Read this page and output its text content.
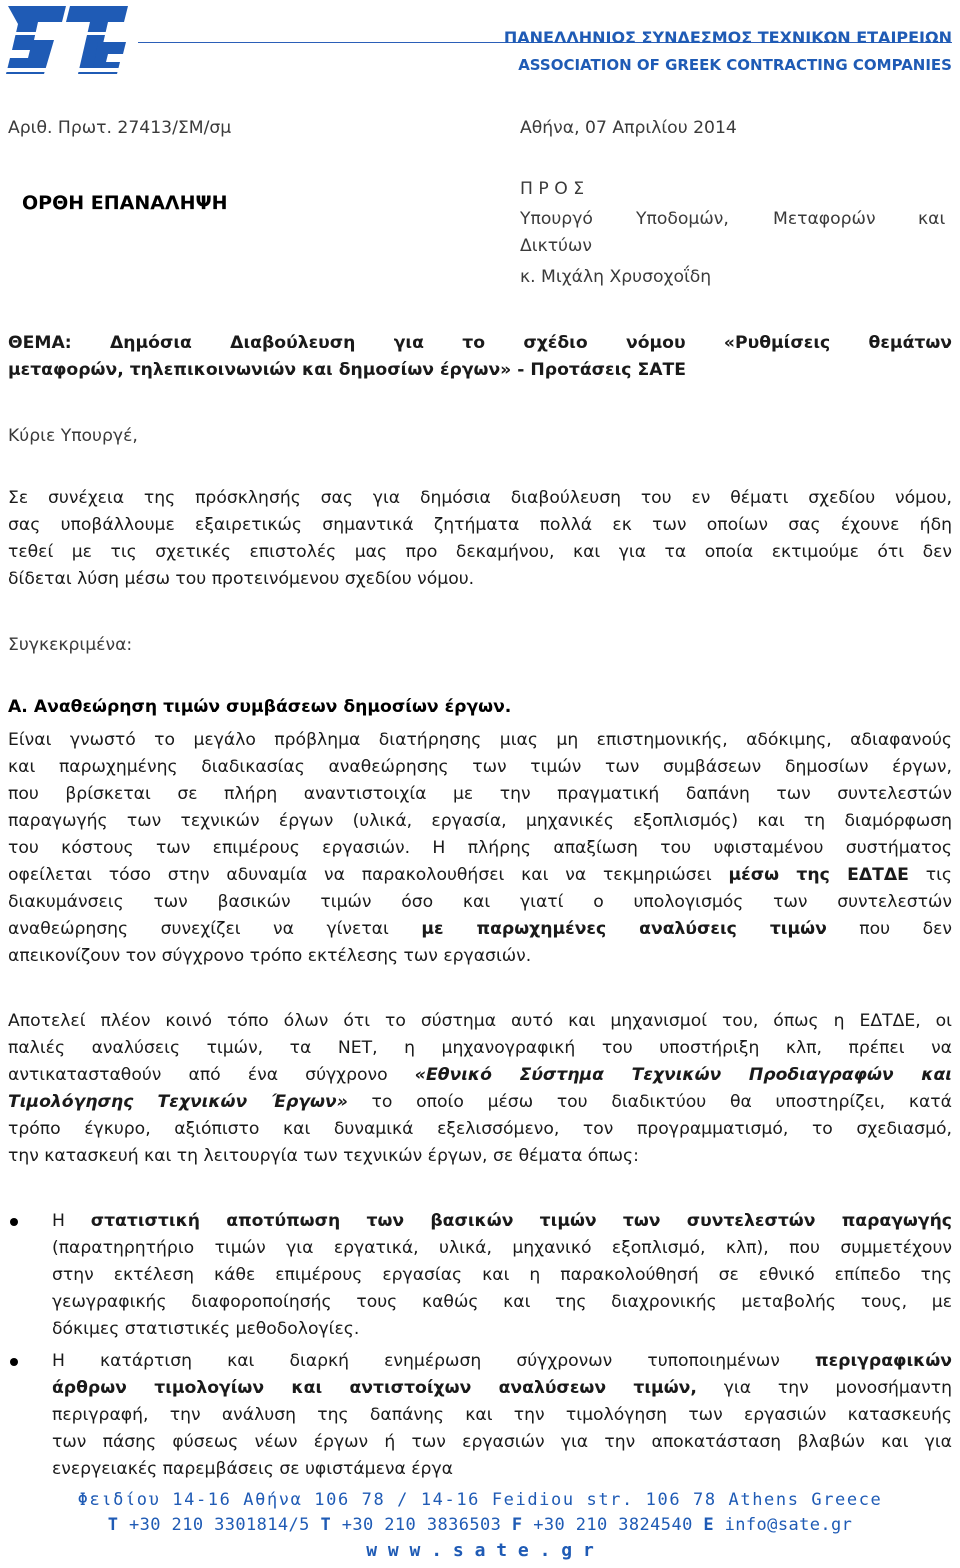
ΠΑΝΕΛΛΗΝΙΟΣ ΣΥΝΔΕΣΜΟΣ ΤΕΧΝΙΚΩΝ ΕΤΑΙΡΕΙΩΝ
ASSOCIATION OF GREEK CONTRACTING COMPANIES
Αριθ. Πρωτ. 27413/ΣΜ/σμ	Αθήνα, 07 Απριλίου 2014
ΟΡΘΗ ΕΠΑΝΑΛΗΨΗ
Π Ρ Ο Σ
Υπουργό	Υποδομών,	Μεταφορών και
Δικτύων
κ. Μιχάλη Χρυσοχοΐδη
ΘΕΜΑ: Δημόσια Διαβούλευση για το σχέδιο νόμου «Ρυθμίσεις θεμάτων
μεταφορών, τηλεπικοινωνιών και δημοσίων έργων» - Προτάσεις ΣΑΤΕ
Κύριε Υπουργέ,
Σε συνέχεια της πρόσκλησής σας για δημόσια διαβούλευση του εν θέματι σχεδίου νόμου,
σας υποβάλλουμε εξαιρετικώς σημαντικά ζητήματα πολλά εκ των οποίων σας έχουνε ήδη
τεθεί με τις σχετικές επιστολές μας προ δεκαμήνου, και για τα οποία εκτιμούμε ότι δεν
δίδεται λύση μέσω του προτεινόμενου σχεδίου νόμου.
Συγκεκριμένα:
Α. Αναθεώρηση τιμών συμβάσεων δημοσίων έργων.
Είναι γνωστό το μεγάλο πρόβλημα διατήρησης μιας μη επιστημονικής, αδόκιμης, αδιαφανούς
και παρωχημένης διαδικασίας αναθεώρησης των τιμών των συμβάσεων δημοσίων έργων,
που βρίσκεται σε πλήρη αναντιστοιχία με την πραγματική δαπάνη των συντελεστών
παραγωγής των τεχνικών έργων (υλικά, εργασία, μηχανικές εξοπλισμός) και τη διαμόρφωση
του κόστους των επιμέρους εργασιών. Η πλήρης απαξίωση του υφισταμένου συστήματος
οφείλεται τόσο στην αδυναμία να παρακολουθήσει και να τεκμηριώσει μέσω της ΕΔΤΔΕ τις
διακυμάνσεις των βασικών τιμών όσο και γιατί ο υπολογισμός των συντελεστών
αναθεώρησης συνεχίζει να γίνεται με παρωχημένες αναλύσεις τιμών που δεν
απεικονίζουν τον σύγχρονο τρόπο εκτέλεσης των εργασιών.
Αποτελεί πλέον κοινό τόπο όλων ότι το σύστημα αυτό και μηχανισμοί του, όπως η ΕΔΤΔΕ, οι
παλιές αναλύσεις τιμών, τα ΝΕΤ, η μηχανογραφική του υποστήριξη κλπ, πρέπει να
αντικατασταθούν από ένα σύγχρονο «Εθνικό Σύστημα Τεχνικών Προδιαγραφών και
Τιμολόγησης Τεχνικών Έργων» το οποίο μέσω του διαδικτύου θα υποστηρίζει, κατά
τρόπο έγκυρο, αξιόπιστο και δυναμικά εξελισσόμενο, τον προγραμματισμό, το σχεδιασμό,
την κατασκευή και τη λειτουργία των τεχνικών έργων, σε θέματα όπως:
Η στατιστική αποτύπωση των βασικών τιμών των συντελεστών παραγωγής
(παρατηρητήριο τιμών για εργατικά, υλικά, μηχανικό εξοπλισμό, κλπ), που συμμετέχουν
στην εκτέλεση κάθε επιμέρους εργασίας και η παρακολούθησή σε εθνικό επίπεδο της
γεωγραφικής διαφοροποίησής τους καθώς και της διαχρονικής μεταβολής τους, με
δόκιμες στατιστικές μεθοδολογίες.
Η κατάρτιση και διαρκή ενημέρωση σύγχρονων τυποποιημένων περιγραφικών
άρθρων τιμολογίων και αντιστοίχων αναλύσεων τιμών, για την μονοσήμαντη
περιγραφή, την ανάλυση της δαπάνης και την τιμολόγηση των εργασιών κατασκευής
των πάσης φύσεως νέων έργων ή των εργασιών για την αποκατάσταση βλαβών και για
ενεργειακές παρεμβάσεις σε υφιστάμενα έργα
Φειδίου 14-16 Αθήνα 106 78 / 14-16 Feidiou str. 106 78 Athens Greece
T +30 210 3301814/5 T +30 210 3836503 F +30 210 3824540 E info@sate.gr
w w w . s a t e . g r
